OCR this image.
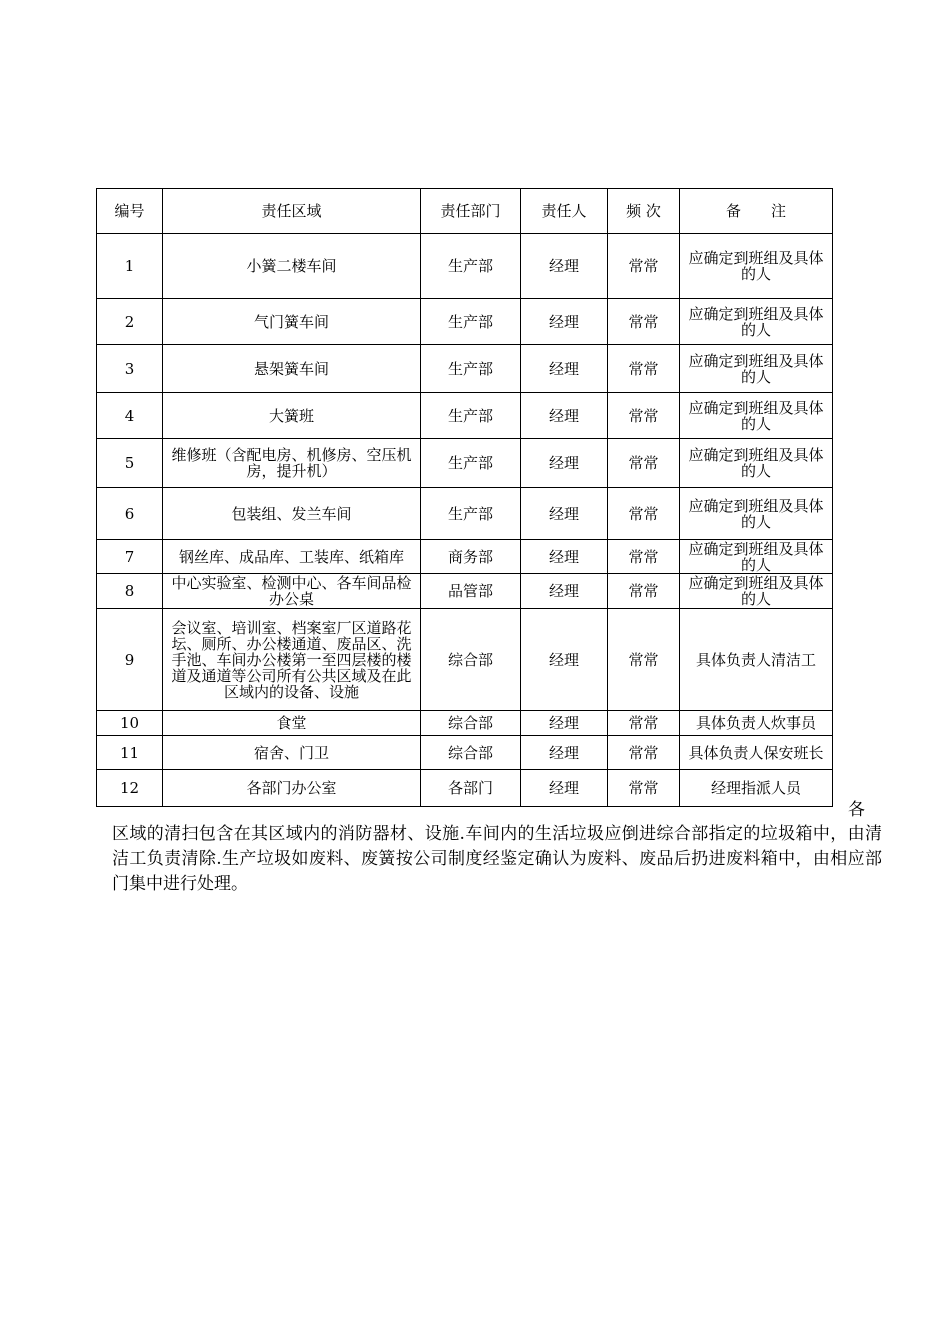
编号	责任区域	责任部门	责任人	频 次	备　　注
1	小簧二楼车间	生产部	经理	常常	应确定到班组及具体的人
2	气门簧车间	生产部	经理	常常	应确定到班组及具体的人
3	悬架簧车间	生产部	经理	常常	应确定到班组及具体的人
4	大簧班	生产部	经理	常常	应确定到班组及具体的人
5	维修班（含配电房、机修房、空压机房，提升机）	生产部	经理	常常	应确定到班组及具体的人
6	包装组、发兰车间	生产部	经理	常常	应确定到班组及具体的人
7	钢丝库、成品库、工装库、纸箱库	商务部	经理	常常	应确定到班组及具体的人
8	中心实验室、检测中心、各车间品检办公桌	品管部	经理	常常	应确定到班组及具体的人
9	会议室、培训室、档案室厂区道路花坛、厕所、办公楼通道、废品区、洗手池、车间办公楼第一至四层楼的楼道及通道等公司所有公共区域及在此区域内的设备、设施	综合部	经理	常常	具体负责人清洁工
10	食堂	综合部	经理	常常	具体负责人炊事员
11	宿舍、门卫	综合部	经理	常常	具体负责人保安班长
12	各部门办公室	各部门	经理	常常	经理指派人员
各
区域的清扫包含在其区域内的消防器材、设施.车间内的生活垃圾应倒进综合部指定的垃圾箱中，由清洁工负责清除.生产垃圾如废料、废簧按公司制度经鉴定确认为废料、废品后扔进废料箱中，由相应部门集中进行处理。
